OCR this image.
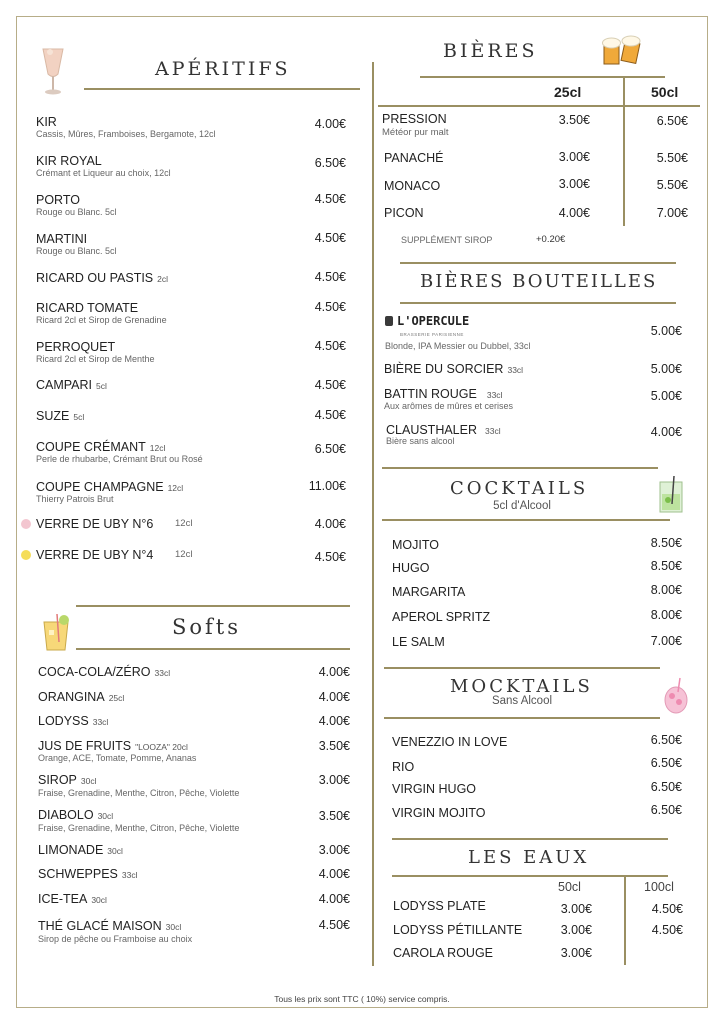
APÉRITIFS
KIR
Cassis, Mûres, Framboises, Bergamote, 12cl
4.00€
KIR ROYAL
Crémant et Liqueur au choix, 12cl
6.50€
PORTO
Rouge ou Blanc. 5cl
4.50€
MARTINI
Rouge ou Blanc. 5cl
4.50€
RICARD OU PASTIS 2cl	4.50€
RICARD TOMATE
Ricard 2cl et Sirop de Grenadine
4.50€
PERROQUET
Ricard 2cl et Sirop de Menthe
4.50€
CAMPARI 5cl	4.50€
SUZE 5cl	4.50€
COUPE CRÉMANT 12cl
Perle de rhubarbe, Crémant Brut ou Rosé
6.50€
COUPE CHAMPAGNE 12cl
Thierry Patrois Brut
11.00€
VERRE DE UBY N°6 12cl	4.00€
VERRE DE UBY N°4 12cl	4.50€
Softs
COCA-COLA/ZÉRO 33cl	4.00€
ORANGINA 25cl	4.00€
LODYSS 33cl	4.00€
JUS DE FRUITS "LOOZA" 20cl
Orange, ACE, Tomate, Pomme, Ananas
3.50€
SIROP 30cl
Fraise, Grenadine, Menthe, Citron, Pêche, Violette
3.00€
DIABOLO 30cl
Fraise, Grenadine, Menthe, Citron, Pêche, Violette
3.50€
LIMONADE 30cl	3.00€
SCHWEPPES 33cl	4.00€
ICE-TEA 30cl	4.00€
THÉ GLACÉ MAISON 30cl
Sirop de pêche ou Framboise au choix
4.50€
BIÈRES
25cl	50cl
PRESSION
Météor pur malt
3.50€	6.50€
PANACHÉ	3.00€	5.50€
MONACO	3.00€	5.50€
PICON	4.00€	7.00€
SUPPLÉMENT SIROP	+0.20€
BIÈRES BOUTEILLES
L'OPERCULE
BRASSERIE PARISIENNE
Blonde, IPA Messier ou Dubbel, 33cl
5.00€
BIÈRE DU SORCIER 33cl	5.00€
BATTIN ROUGE 33cl
Aux arômes de mûres et cerises
5.00€
CLAUSTHALER 33cl
Bière sans alcool
4.00€
COCKTAILS
5cl d'Alcool
MOJITO	8.50€
HUGO	8.50€
MARGARITA	8.00€
APEROL SPRITZ	8.00€
LE SALM	7.00€
MOCKTAILS
Sans Alcool
VENEZZIO IN LOVE	6.50€
RIO	6.50€
VIRGIN HUGO	6.50€
VIRGIN MOJITO	6.50€
LES EAUX
50cl	100cl
LODYSS PLATE	3.00€	4.50€
LODYSS PÉTILLANTE	3.00€	4.50€
CAROLA ROUGE	3.00€
Tous les prix sont TTC ( 10%) service compris.
